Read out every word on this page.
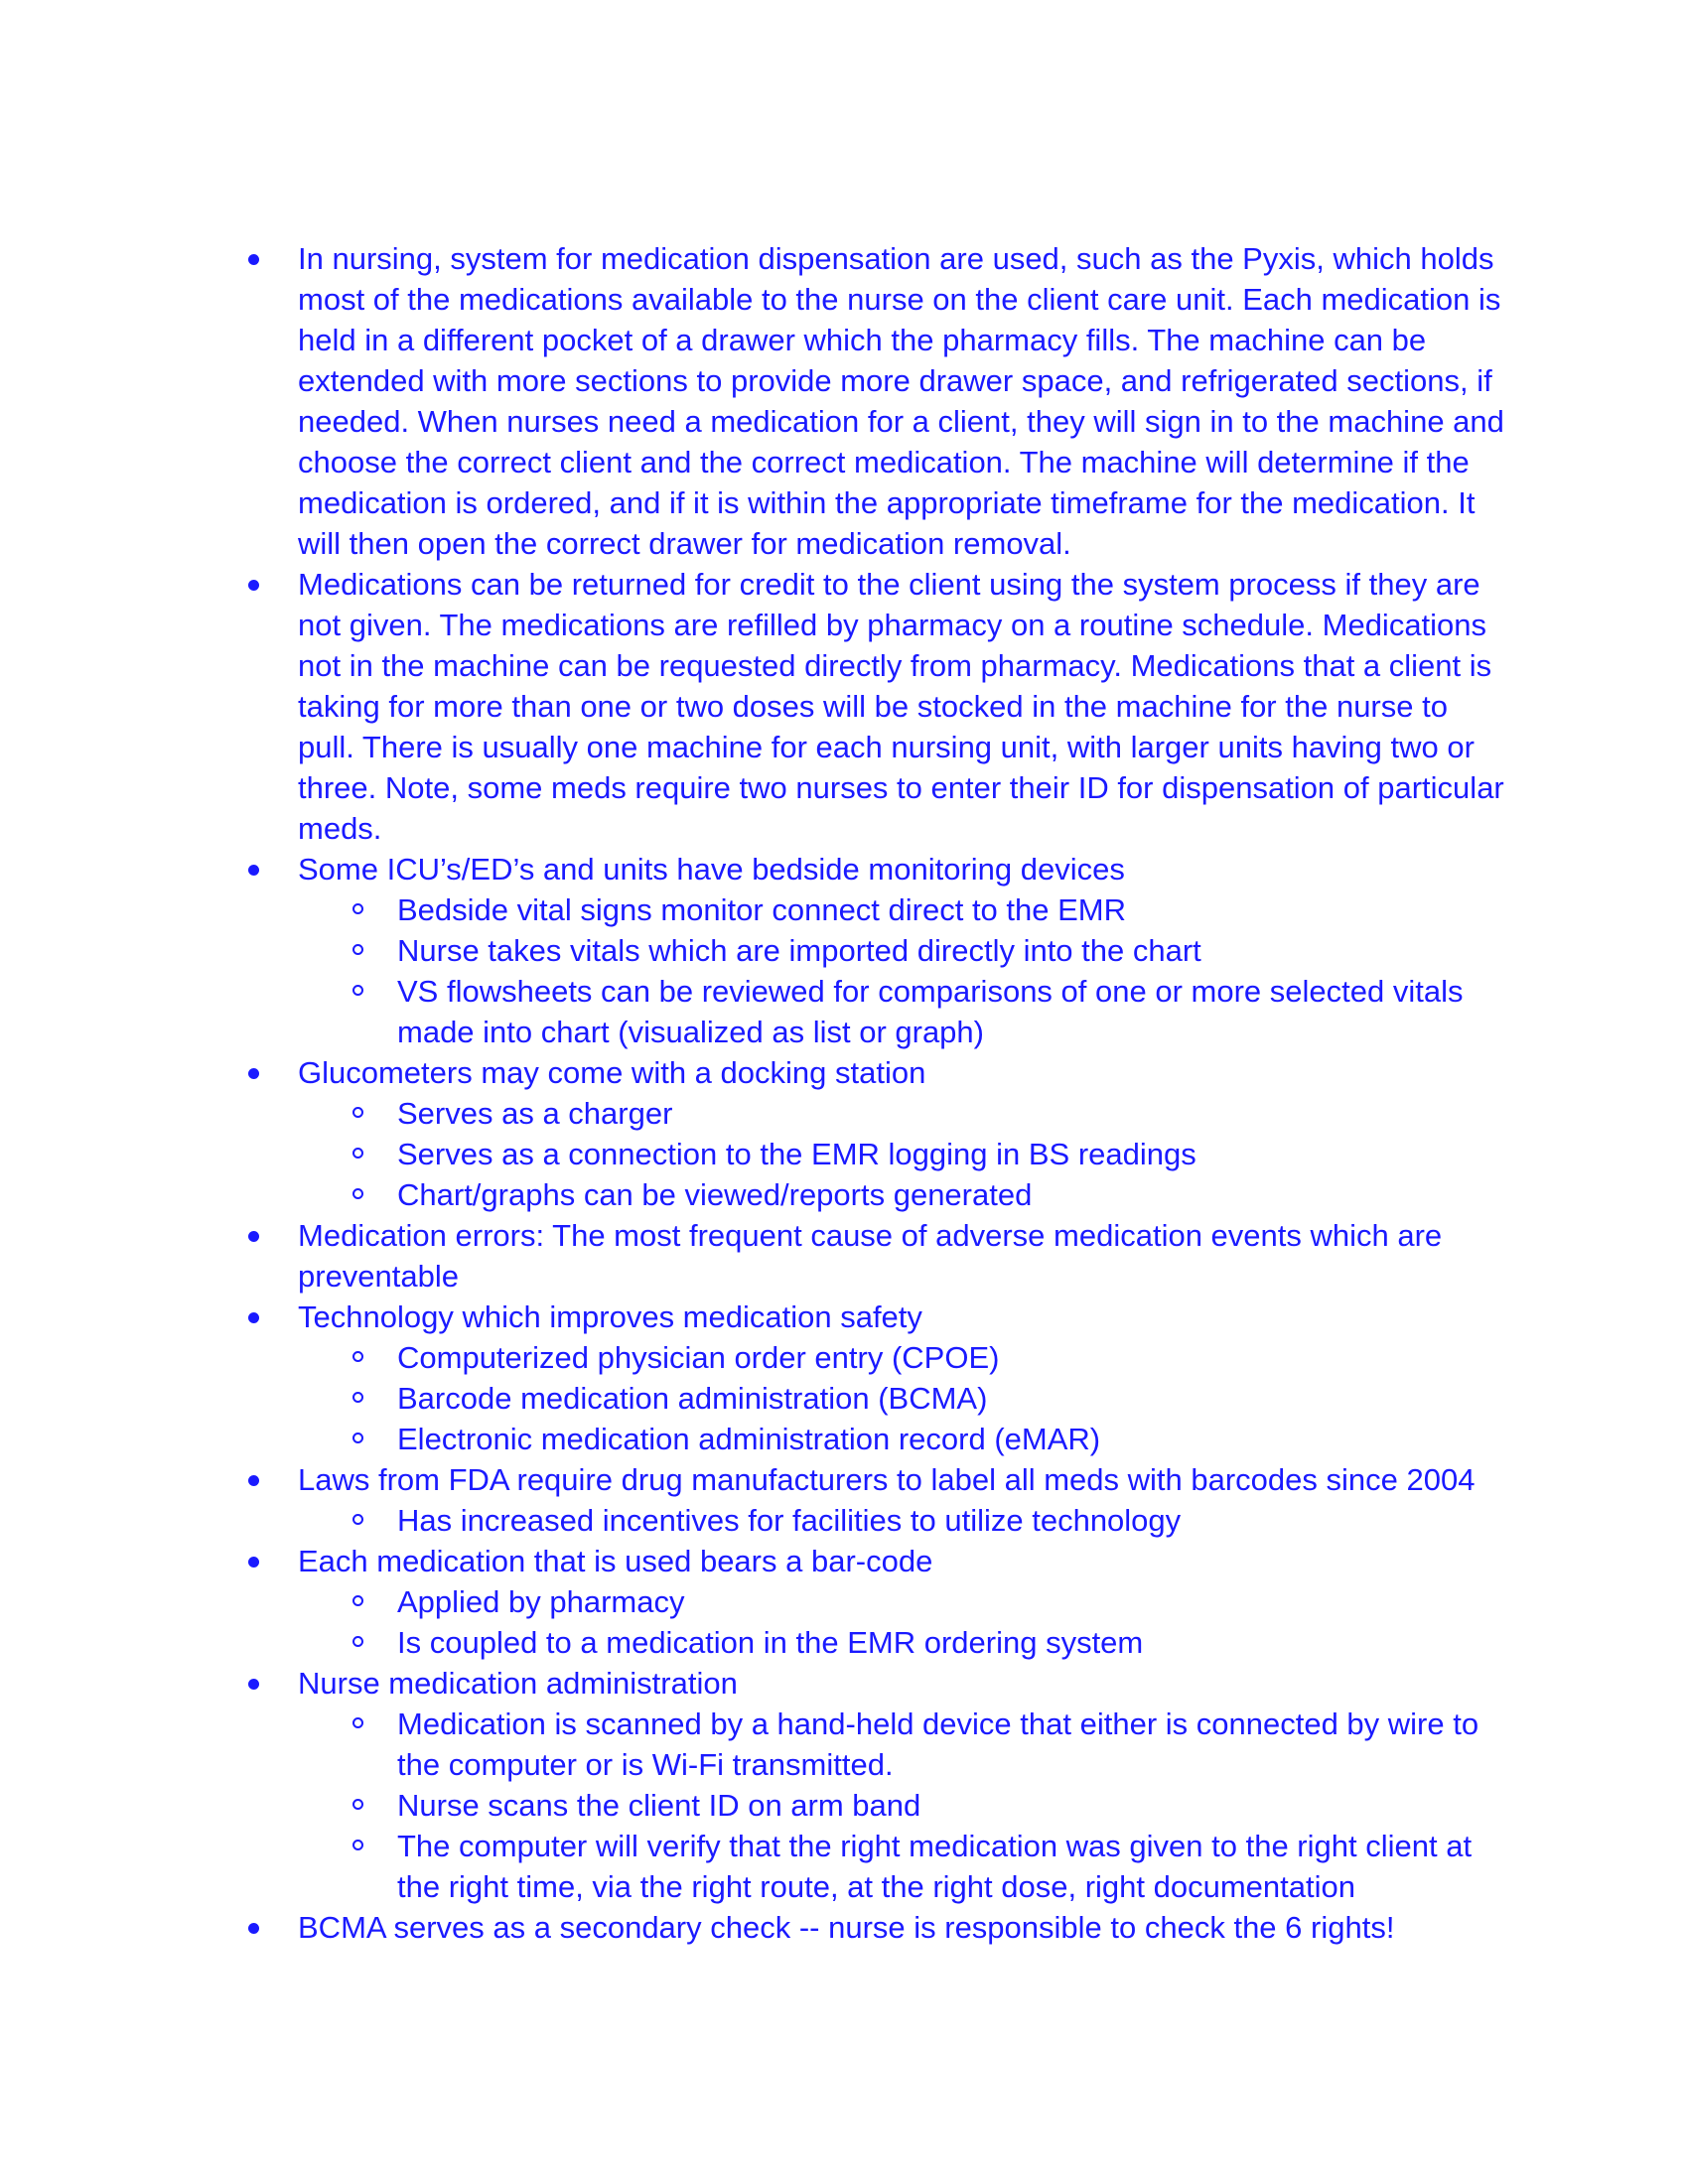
In nursing, system for medication dispensation are used, such as the Pyxis, which holds most of the medications available to the nurse on the client care unit. Each medication is held in a different pocket of a drawer which the pharmacy fills. The machine can be extended with more sections to provide more drawer space, and refrigerated sections, if needed. When nurses need a medication for a client, they will sign in to the machine and choose the correct client and the correct medication. The machine will determine if the medication is ordered, and if it is within the appropriate timeframe for the medication. It will then open the correct drawer for medication removal.
Medications can be returned for credit to the client using the system process if they are not given. The medications are refilled by pharmacy on a routine schedule. Medications not in the machine can be requested directly from pharmacy. Medications that a client is taking for more than one or two doses will be stocked in the machine for the nurse to pull. There is usually one machine for each nursing unit, with larger units having two or three. Note, some meds require two nurses to enter their ID for dispensation of particular meds.
Some ICU’s/ED’s and units have bedside monitoring devices
Bedside vital signs monitor connect direct to the EMR
Nurse takes vitals which are imported directly into the chart
VS flowsheets can be reviewed for comparisons of one or more selected vitals made into chart (visualized as list or graph)
Glucometers may come with a docking station
Serves as a charger
Serves as a connection to the EMR logging in BS readings
Chart/graphs can be viewed/reports generated
Medication errors: The most frequent cause of adverse medication events which are preventable
Technology which improves medication safety
Computerized physician order entry (CPOE)
Barcode medication administration (BCMA)
Electronic medication administration record (eMAR)
Laws from FDA require drug manufacturers to label all meds with barcodes since 2004
Has increased incentives for facilities to utilize technology
Each medication that is used bears a bar-code
Applied by pharmacy
Is coupled to a medication in the EMR ordering system
Nurse medication administration
Medication is scanned by a hand-held device that either is connected by wire to the computer or is Wi-Fi transmitted.
Nurse scans the client ID on arm band
The computer will verify that the right medication was given to the right client at the right time, via the right route, at the right dose, right documentation
BCMA serves as a secondary check -- nurse is responsible to check the 6 rights!
